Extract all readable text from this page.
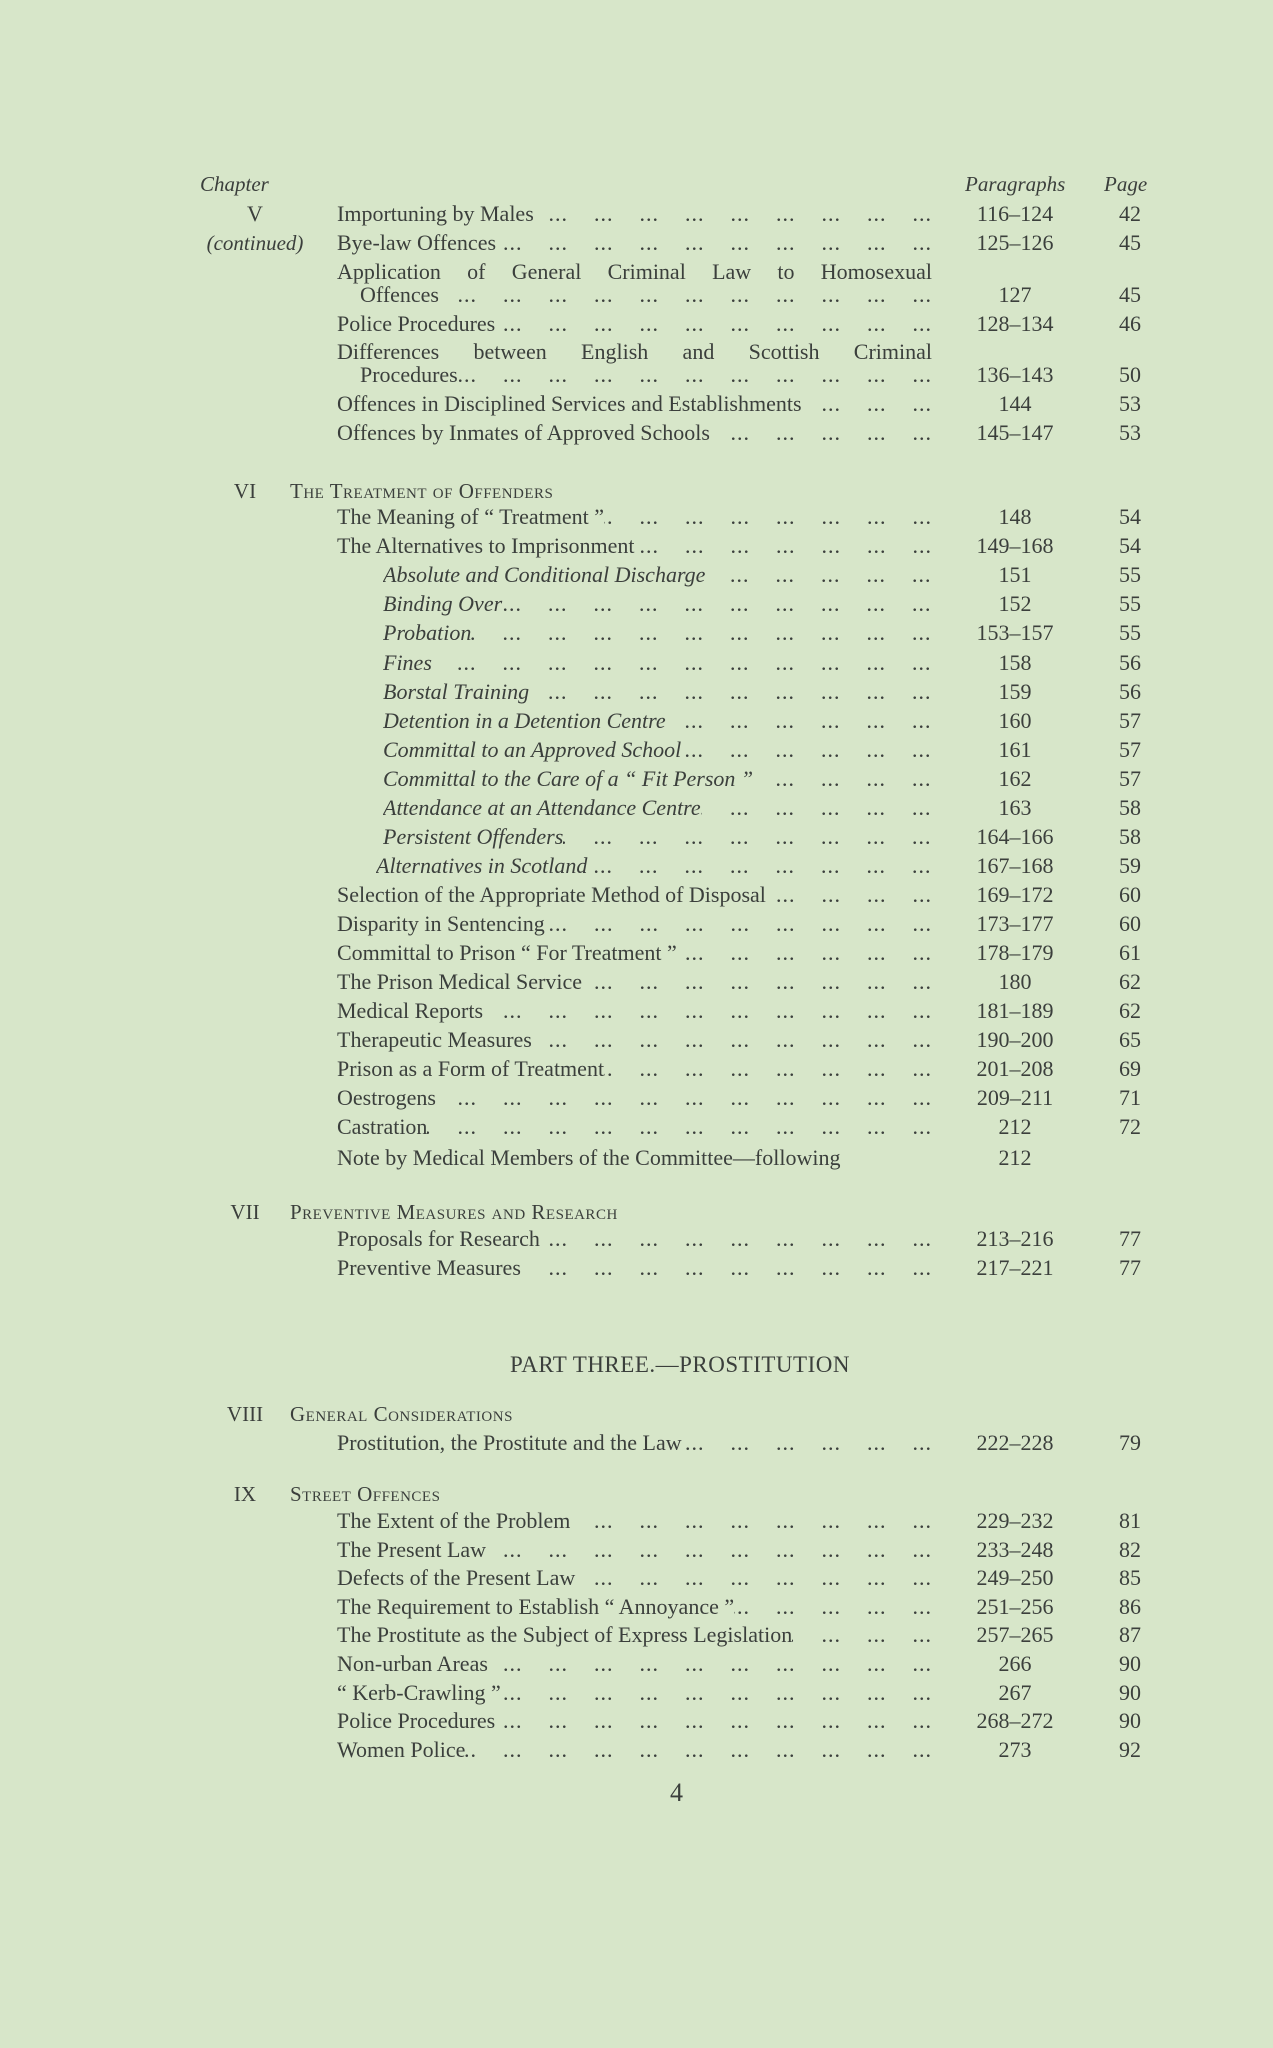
Chapter	Paragraphs Page
V	Importuning by Males ...	116–124	42
(continued)	Bye-law Offences ...	125–126	45
Application of General Criminal Law to Homosexual
Offences ...	127	45
Police Procedures ...	128–134	46
Differences between English and Scottish Criminal
Procedures ...	136–143	50
Offences in Disciplined Services and Establishments ...	144	53
Offences by Inmates of Approved Schools ...	145–147	53
VI	The Treatment of Offenders
The Meaning of “ Treatment ” ...	148	54
The Alternatives to Imprisonment ...	149–168	54
Absolute and Conditional Discharge ...	151	55
Binding Over ...	152	55
Probation ...	153–157	55
Fines ...	158	56
Borstal Training ...	159	56
Detention in a Detention Centre ...	160	57
Committal to an Approved School ...	161	57
Committal to the Care of a “ Fit Person ” ...	162	57
Attendance at an Attendance Centre ...	163	58
Persistent Offenders ...	164–166	58
Alternatives in Scotland ...	167–168	59
Selection of the Appropriate Method of Disposal ...	169–172	60
Disparity in Sentencing ...	173–177	60
Committal to Prison “ For Treatment ” ...	178–179	61
The Prison Medical Service ...	180	62
Medical Reports ...	181–189	62
Therapeutic Measures ...	190–200	65
Prison as a Form of Treatment ...	201–208	69
Oestrogens ...	209–211	71
Castration ...	212	72
Note by Medical Members of the Committee—following	212
VII	Preventive Measures and Research
Proposals for Research ...	213–216	77
Preventive Measures ...	217–221	77
PART THREE.—PROSTITUTION
VIII	General Considerations
Prostitution, the Prostitute and the Law ...	222–228	79
IX	Street Offences
The Extent of the Problem ...	229–232	81
The Present Law ...	233–248	82
Defects of the Present Law ...	249–250	85
The Requirement to Establish “ Annoyance ” ...	251–256	86
The Prostitute as the Subject of Express Legislation ...	257–265	87
Non-urban Areas ...	266	90
“ Kerb-Crawling ” ...	267	90
Police Procedures ...	268–272	90
Women Police ...	273	92
4
